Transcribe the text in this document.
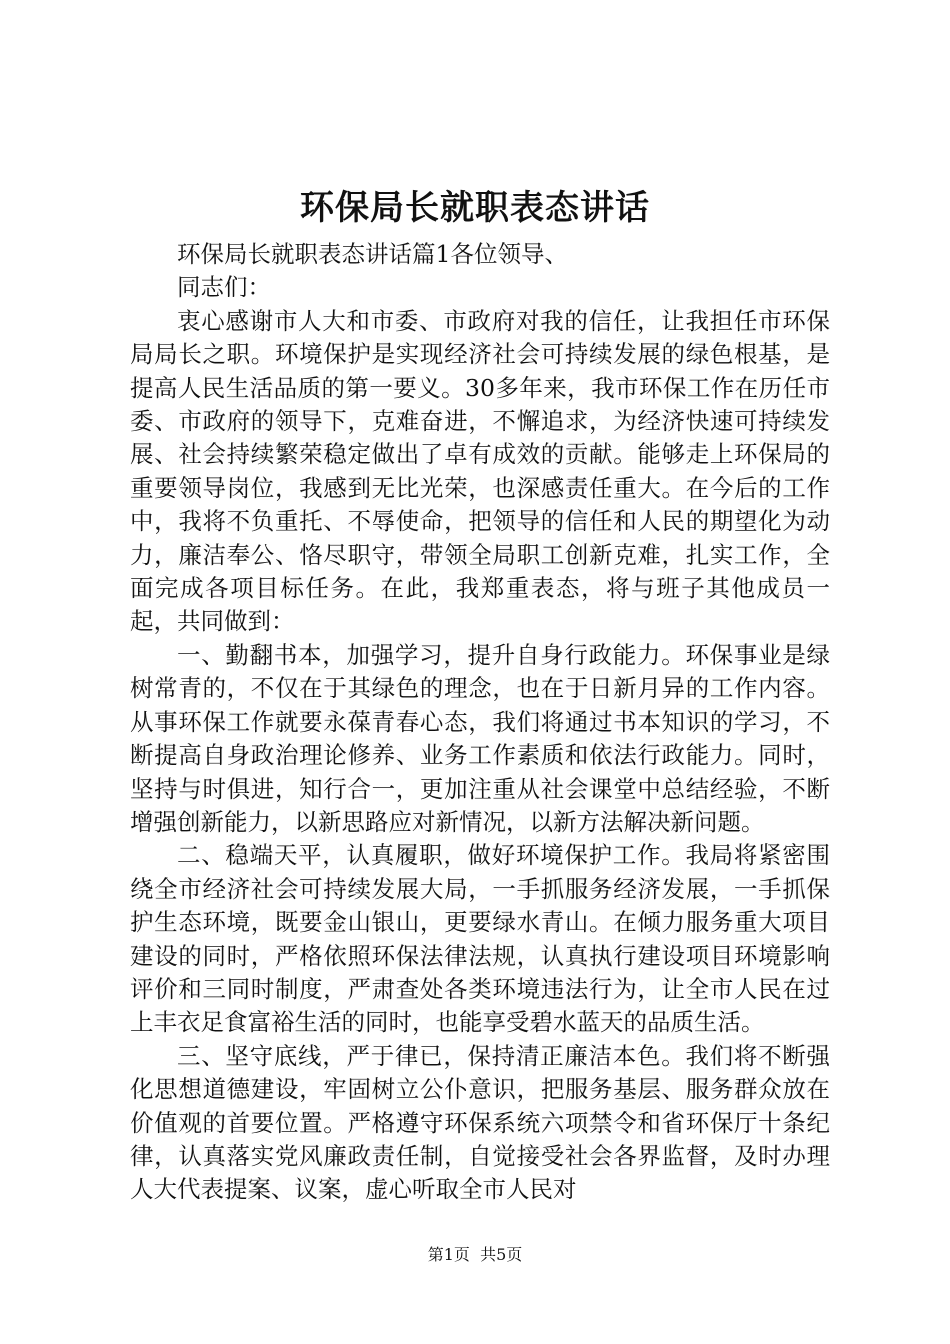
环保局长就职表态讲话

环保局长就职表态讲话篇1各位领导、

同志们：

衷心感谢市人大和市委、市政府对我的信任，让我担任市环保局局长之职。环境保护是实现经济社会可持续发展的绿色根基，是提高人民生活品质的第一要义。30多年来，我市环保工作在历任市委、市政府的领导下，克难奋进，不懈追求，为经济快速可持续发展、社会持续繁荣稳定做出了卓有成效的贡献。能够走上环保局的重要领导岗位，我感到无比光荣，也深感责任重大。在今后的工作中，我将不负重托、不辱使命，把领导的信任和人民的期望化为动力，廉洁奉公、恪尽职守，带领全局职工创新克难，扎实工作，全面完成各项目标任务。在此，我郑重表态，将与班子其他成员一起，共同做到：

一、勤翻书本，加强学习，提升自身行政能力。环保事业是绿树常青的，不仅在于其绿色的理念，也在于日新月异的工作内容。从事环保工作就要永葆青春心态，我们将通过书本知识的学习，不断提高自身政治理论修养、业务工作素质和依法行政能力。同时，坚持与时俱进，知行合一，更加注重从社会课堂中总结经验，不断增强创新能力，以新思路应对新情况，以新方法解决新问题。

二、稳端天平，认真履职，做好环境保护工作。我局将紧密围绕全市经济社会可持续发展大局，一手抓服务经济发展，一手抓保护生态环境，既要金山银山，更要绿水青山。在倾力服务重大项目建设的同时，严格依照环保法律法规，认真执行建设项目环境影响评价和三同时制度，严肃查处各类环境违法行为，让全市人民在过上丰衣足食富裕生活的同时，也能享受碧水蓝天的品质生活。

三、坚守底线，严于律已，保持清正廉洁本色。我们将不断强化思想道德建设，牢固树立公仆意识，把服务基层、服务群众放在价值观的首要位置。严格遵守环保系统六项禁令和省环保厅十条纪律，认真落实党风廉政责任制，自觉接受社会各界监督，及时办理人大代表提案、议案，虚心听取全市人民对

第1页  共5页
